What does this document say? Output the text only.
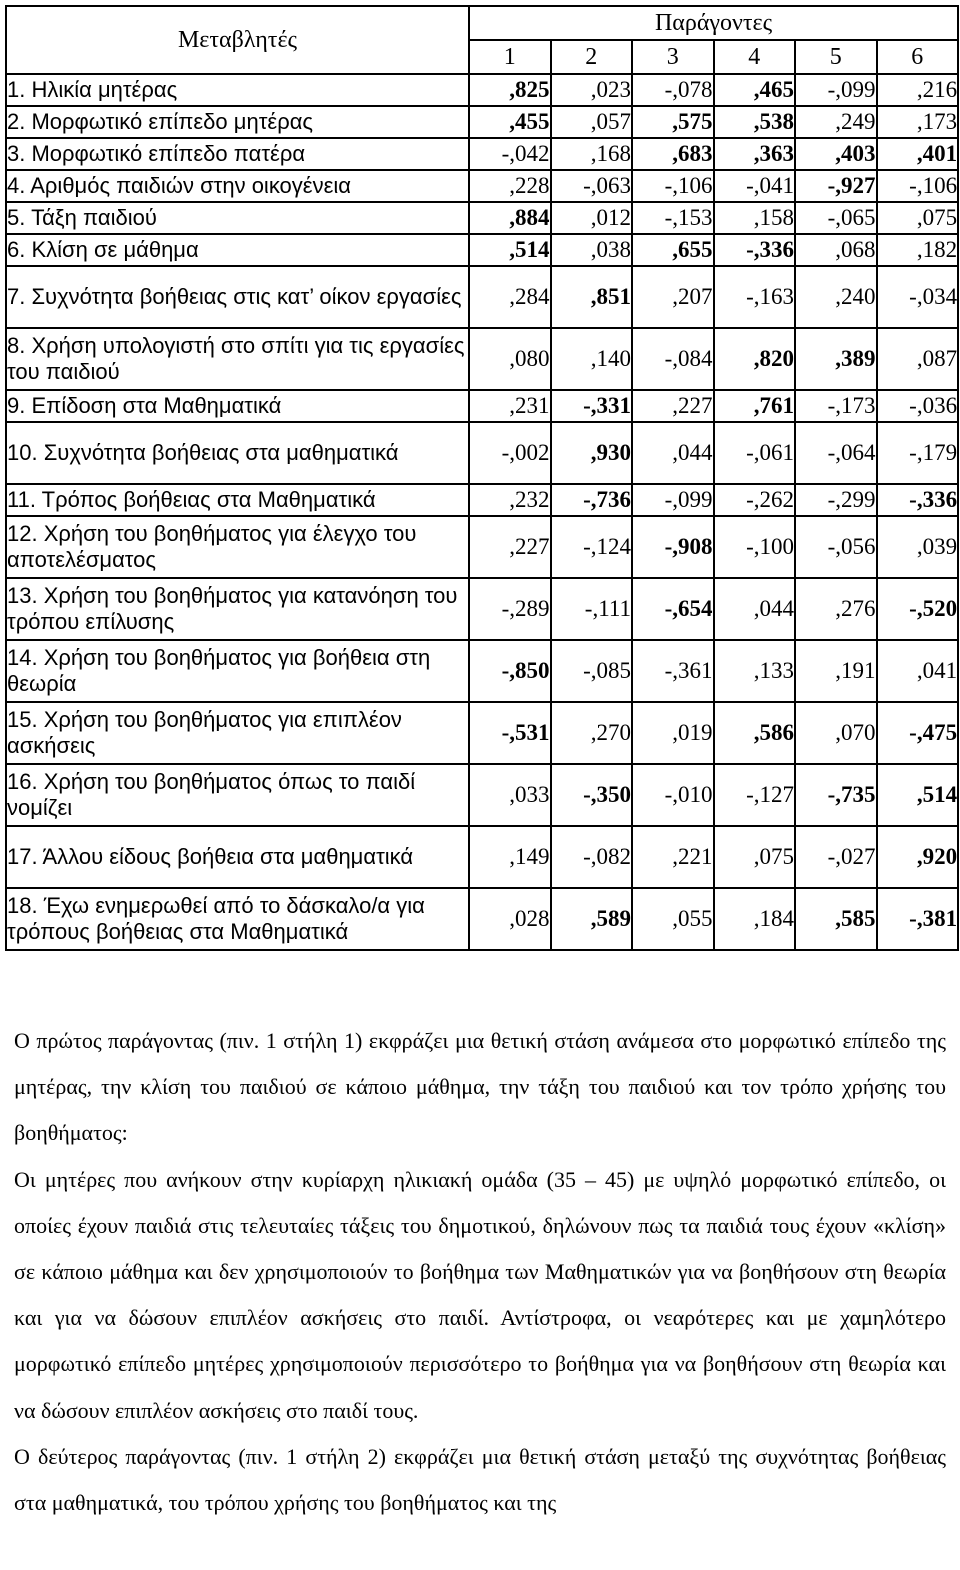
Μεταβλητές	Παράγοντες					
	1	2	3	4	5	6
1. Ηλικία μητέρας	,825	,023	-,078	,465	-,099	,216
2. Μορφωτικό επίπεδο μητέρας	,455	,057	,575	,538	,249	,173
3. Μορφωτικό επίπεδο πατέρα	-,042	,168	,683	,363	,403	,401
4. Αριθμός παιδιών στην οικογένεια	,228	-,063	-,106	-,041	-,927	-,106
5. Τάξη παιδιού	,884	,012	-,153	,158	-,065	,075
6. Κλίση σε μάθημα	,514	,038	,655	-,336	,068	,182
7. Συχνότητα βοήθειας στις κατ’ οίκον εργασίες	,284	,851	,207	-,163	,240	-,034
8. Χρήση υπολογιστή στο σπίτι για τις εργασίες του παιδιού	,080	,140	-,084	,820	,389	,087
9. Επίδοση στα Μαθηματικά	,231	-,331	,227	,761	-,173	-,036
10. Συχνότητα βοήθειας στα μαθηματικά	-,002	,930	,044	-,061	-,064	-,179
11. Τρόπος βοήθειας στα Μαθηματικά	,232	-,736	-,099	-,262	-,299	-,336
12. Χρήση του βοηθήματος για έλεγχο του αποτελέσματος	,227	-,124	-,908	-,100	-,056	,039
13. Χρήση του βοηθήματος για κατανόηση του τρόπου επίλυσης	-,289	-,111	-,654	,044	,276	-,520
14. Χρήση του βοηθήματος για βοήθεια στη θεωρία	-,850	-,085	-,361	,133	,191	,041
15. Χρήση του βοηθήματος για επιπλέον ασκήσεις	-,531	,270	,019	,586	,070	-,475
16. Χρήση του βοηθήματος όπως το παιδί νομίζει	,033	-,350	-,010	-,127	-,735	,514
17. Άλλου είδους βοήθεια στα μαθηματικά	,149	-,082	,221	,075	-,027	,920
18. Έχω ενημερωθεί από το δάσκαλο/α για τρόπους βοήθειας στα Μαθηματικά	,028	,589	,055	,184	,585	-,381

Ο πρώτος παράγοντας (πιν. 1 στήλη 1) εκφράζει μια θετική στάση ανάμεσα στο μορφωτικό επίπεδο της μητέρας, την κλίση του παιδιού σε κάποιο μάθημα, την τάξη του παιδιού και τον τρόπο χρήσης του βοηθήματος:

Οι μητέρες που ανήκουν στην κυρίαρχη ηλικιακή ομάδα (35 – 45) με υψηλό μορφωτικό επίπεδο, οι οποίες έχουν παιδιά στις τελευταίες τάξεις του δημοτικού, δηλώνουν πως τα παιδιά τους έχουν «κλίση» σε κάποιο μάθημα και δεν χρησιμοποιούν το βοήθημα των Μαθηματικών για να βοηθήσουν στη θεωρία και για να δώσουν επιπλέον ασκήσεις στο παιδί. Αντίστροφα, οι νεαρότερες και με χαμηλότερο μορφωτικό επίπεδο μητέρες χρησιμοποιούν περισσότερο το βοήθημα για να βοηθήσουν στη θεωρία και να δώσουν επιπλέον ασκήσεις στο παιδί τους.

Ο δεύτερος παράγοντας (πιν. 1 στήλη 2) εκφράζει μια θετική στάση μεταξύ της συχνότητας βοήθειας στα μαθηματικά, του τρόπου χρήσης του βοηθήματος και της
